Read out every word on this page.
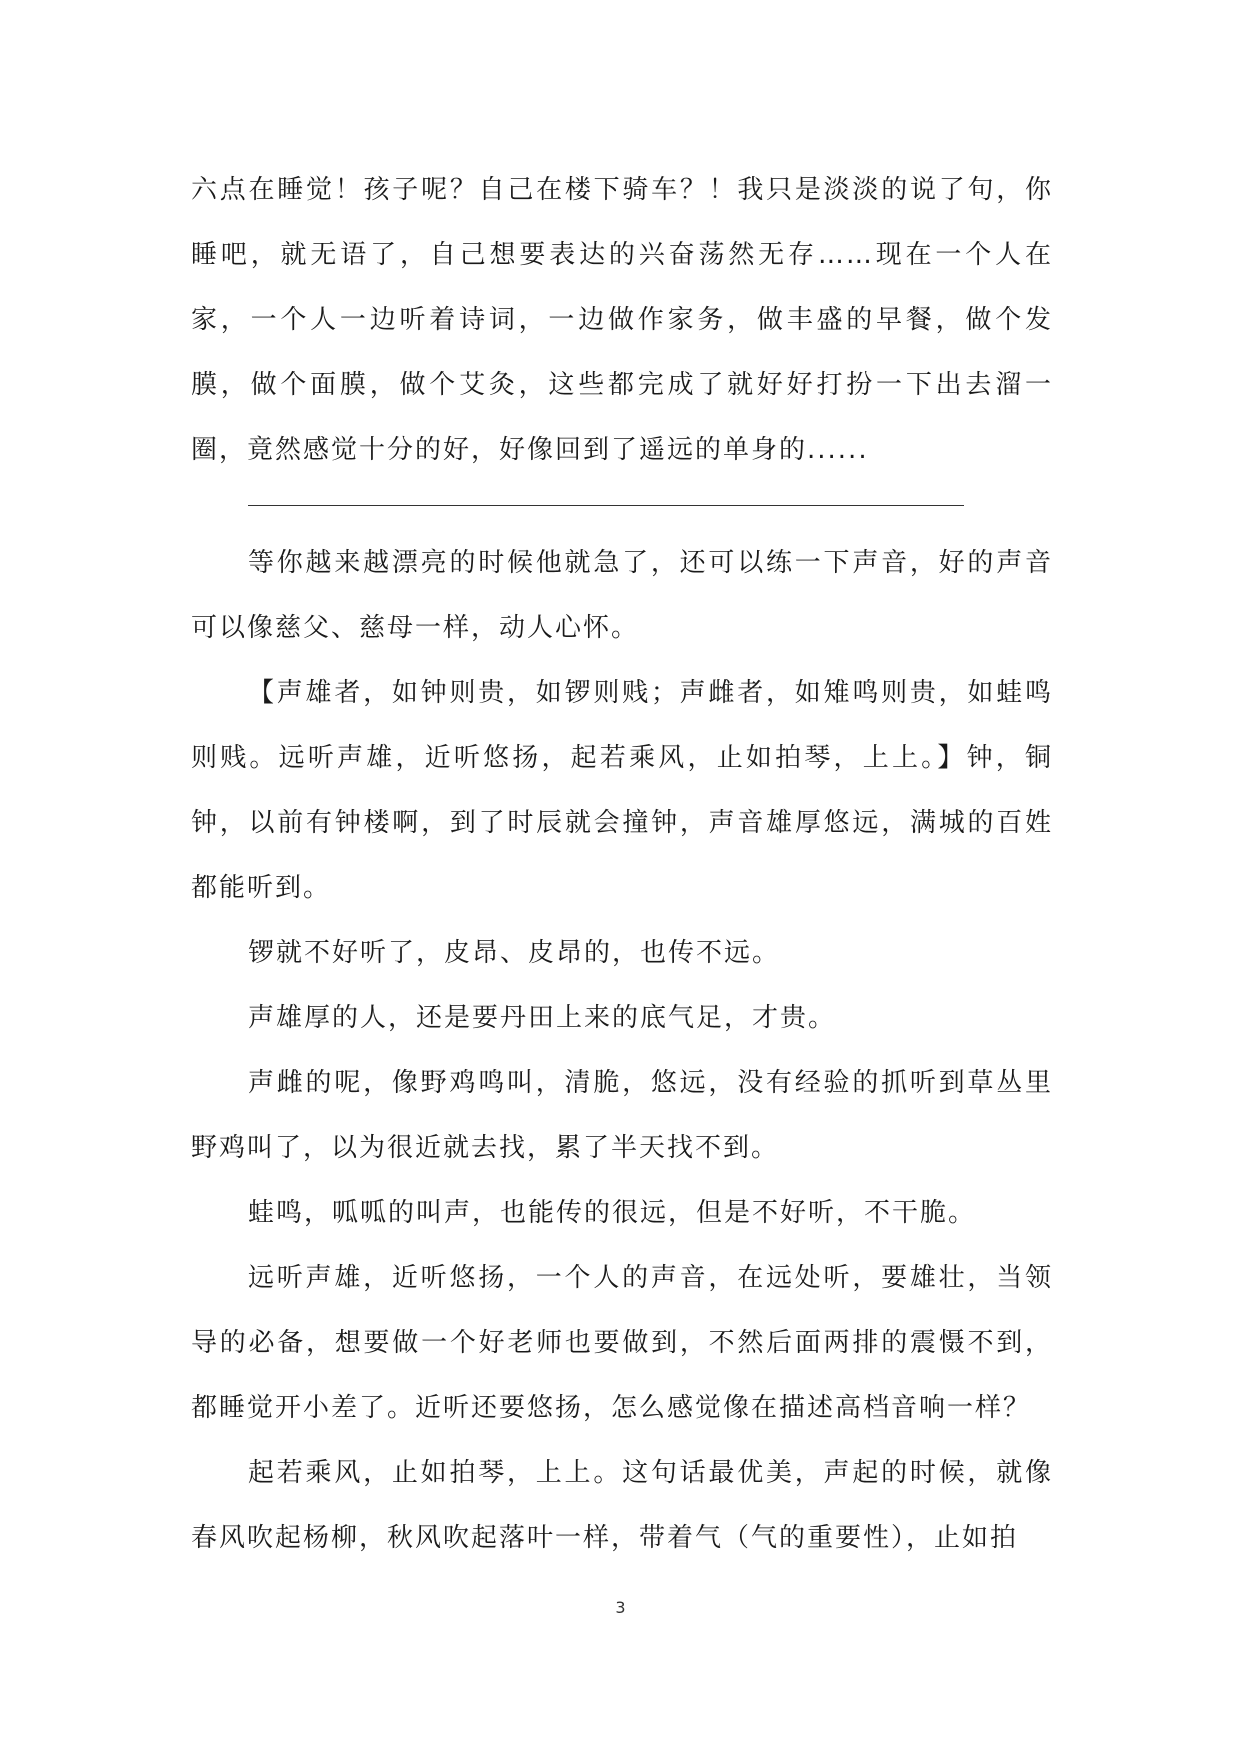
六点在睡觉！孩子呢？自己在楼下骑车？！我只是淡淡的说了句，你睡吧，就无语了，自己想要表达的兴奋荡然无存……现在一个人在家，一个人一边听着诗词，一边做作家务，做丰盛的早餐，做个发膜，做个面膜，做个艾灸，这些都完成了就好好打扮一下出去溜一圈，竟然感觉十分的好，好像回到了遥远的单身的......

等你越来越漂亮的时候他就急了，还可以练一下声音，好的声音可以像慈父、慈母一样，动人心怀。

【声雄者，如钟则贵，如锣则贱；声雌者，如雉鸣则贵，如蛙鸣则贱。远听声雄，近听悠扬，起若乘风，止如拍琴，上上。】钟，铜钟，以前有钟楼啊，到了时辰就会撞钟，声音雄厚悠远，满城的百姓都能听到。

锣就不好听了，皮昂、皮昂的，也传不远。

声雄厚的人，还是要丹田上来的底气足，才贵。

声雌的呢，像野鸡鸣叫，清脆，悠远，没有经验的抓听到草丛里野鸡叫了，以为很近就去找，累了半天找不到。

蛙鸣，呱呱的叫声，也能传的很远，但是不好听，不干脆。

远听声雄，近听悠扬，一个人的声音，在远处听，要雄壮，当领导的必备，想要做一个好老师也要做到，不然后面两排的震慑不到，都睡觉开小差了。近听还要悠扬，怎么感觉像在描述高档音响一样？

起若乘风，止如拍琴，上上。这句话最优美，声起的时候，就像春风吹起杨柳，秋风吹起落叶一样，带着气（气的重要性），止如拍

3
